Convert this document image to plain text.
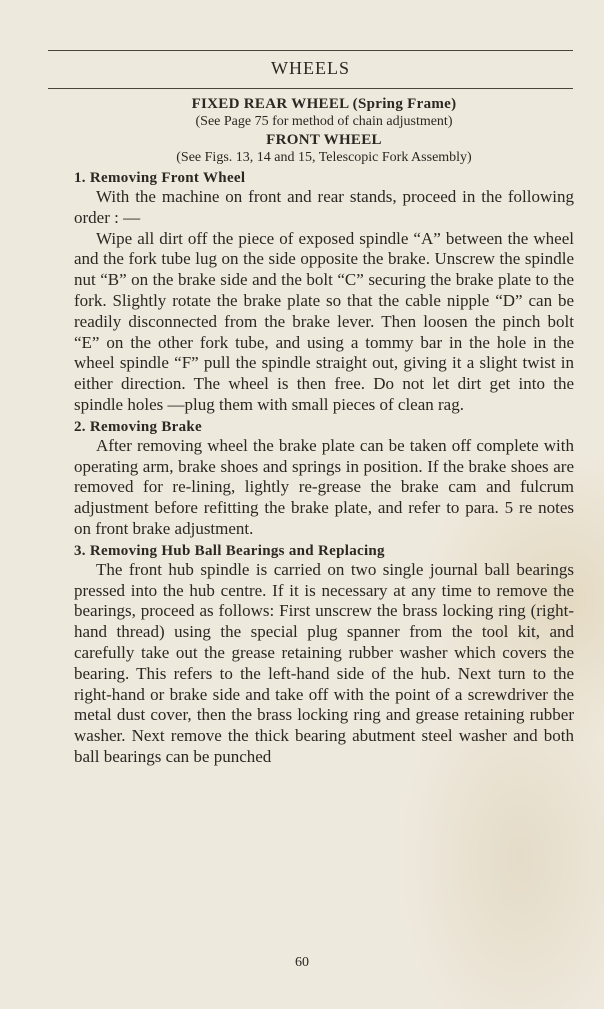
WHEELS
FIXED REAR WHEEL (Spring Frame)
(See Page 75 for method of chain adjustment)
FRONT WHEEL
(See Figs. 13, 14 and 15, Telescopic Fork Assembly)
1. Removing Front Wheel

With the machine on front and rear stands, proceed in the following order : —

Wipe all dirt off the piece of exposed spindle “A” between the wheel and the fork tube lug on the side opposite the brake. Unscrew the spindle nut “B” on the brake side and the bolt “C” securing the brake plate to the fork. Slightly rotate the brake plate so that the cable nipple “D” can be readily disconnected from the brake lever. Then loosen the pinch bolt “E” on the other fork tube, and using a tommy bar in the hole in the wheel spindle “F” pull the spindle straight out, giving it a slight twist in either direction. The wheel is then free. Do not let dirt get into the spindle holes —plug them with small pieces of clean rag.

2. Removing Brake

After removing wheel the brake plate can be taken off complete with operating arm, brake shoes and springs in position. If the brake shoes are removed for re-lining, lightly re-grease the brake cam and fulcrum adjustment before refitting the brake plate, and refer to para. 5 re notes on front brake adjustment.

3. Removing Hub Ball Bearings and Replacing

The front hub spindle is carried on two single journal ball bearings pressed into the hub centre. If it is necessary at any time to remove the bearings, proceed as follows: First unscrew the brass locking ring (right-hand thread) using the special plug spanner from the tool kit, and carefully take out the grease retaining rubber washer which covers the bearing. This refers to the left-hand side of the hub. Next turn to the right-hand or brake side and take off with the point of a screwdriver the metal dust cover, then the brass locking ring and grease retaining rubber washer. Next remove the thick bearing abutment steel washer and both ball bearings can be punched

60
